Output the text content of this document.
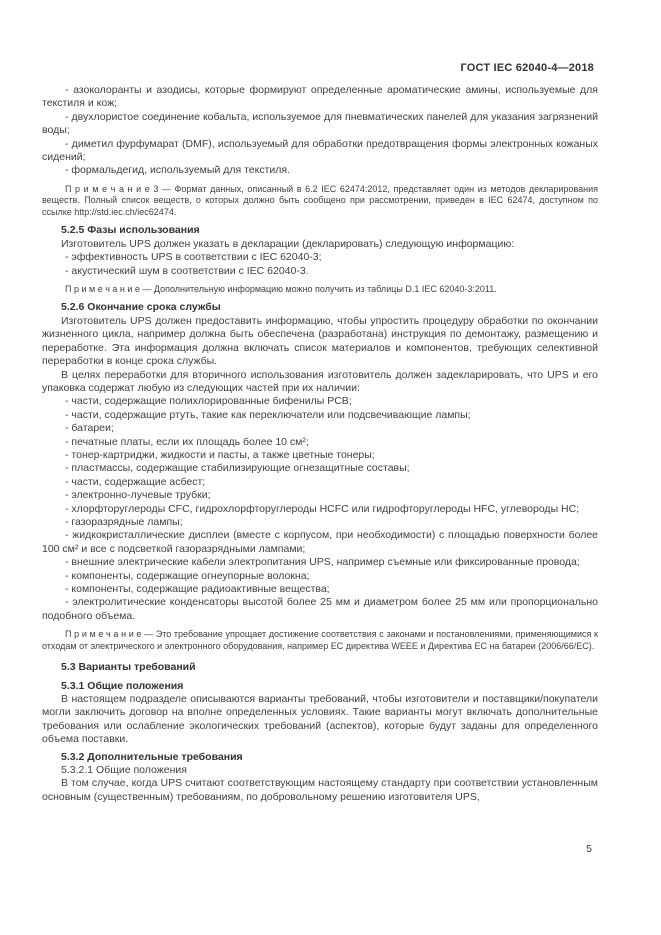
ГОСТ IEC 62040-4—2018

- азоколоранты и азодисы, которые формируют определенные ароматические амины, используемые для текстиля и кож;

- двухлористое соединение кобальта, используемое для пневматических панелей для указания загрязнений воды;

- диметил фурфумарат (DMF), используемый для обработки предотвращения формы электронных кожаных сидений;

- формальдегид, используемый для текстиля.

П р и м е ч а н и е 3 — Формат данных, описанный в 6.2 IEC 62474:2012, представляет один из методов декларирования веществ. Полный список веществ, о которых должно быть сообщено при рассмотрении, приведен в IEC 62474, доступном по ссылке http://std.iec.ch/iec62474.

5.2.5 Фазы использования

Изготовитель UPS должен указать в декларации (декларировать) следующую информацию:

- эффективность UPS в соответствии с IEC 62040-3;

- акустический шум в соответствии с IEC 62040-3.

П р и м е ч а н и е — Дополнительную информацию можно получить из таблицы D.1 IEC 62040-3:2011.

5.2.6 Окончание срока службы

Изготовитель UPS должен предоставить информацию, чтобы упростить процедуру обработки по окончании жизненного цикла, например должна быть обеспечена (разработана) инструкция по демонтажу, размещению и переработке. Эта информация должна включать список материалов и компонентов, требующих селективной переработки в конце срока службы.

В целях переработки для вторичного использования изготовитель должен задекларировать, что UPS и его упаковка содержат любую из следующих частей при их наличии:

- части, содержащие полихлорированные бифенилы PCB;

- части, содержащие ртуть, такие как переключатели или подсвечивающие лампы;

- батареи;

- печатные платы, если их площадь более 10 см²;

- тонер-картриджи, жидкости и пасты, а также цветные тонеры;

- пластмассы, содержащие стабилизирующие огнезащитные составы;

- части, содержащие асбест;

- электронно-лучевые трубки;

- хлорфторуглероды CFC, гидрохлорфторуглероды HCFC или гидрофторуглероды HFC, углевороды HC;

- газоразрядные лампы;

- жидкокристаллические дисплеи (вместе с корпусом, при необходимости) с площадью поверхности более 100 см² и все с подсветкой газоразрядными лампами;

- внешние электрические кабели электропитания UPS, например съемные или фиксированные провода;

- компоненты, содержащие огнеупорные волокна;

- компоненты, содержащие радиоактивные вещества;

- электролитические конденсаторы высотой более 25 мм и диаметром более 25 мм или пропорционально подобного объема.

П р и м е ч а н и е — Это требование упрощает достижение соответствия с законами и постановлениями, применяющимися к отходам от электрического и электронного оборудования, например ЕС директива WEEE и Директива ЕС на батареи (2006/66/EC).

5.3 Варианты требований

5.3.1 Общие положения

В настоящем подразделе описываются варианты требований, чтобы изготовители и поставщики/покупатели могли заключить договор на вполне определенных условиях. Такие варианты могут включать дополнительные требования или ослабление экологических требований (аспектов), которые будут заданы для определенного объема поставки.

5.3.2 Дополнительные требования

5.3.2.1 Общие положения

В том случае, когда UPS считают соответствующим настоящему стандарту при соответствии установленным основным (существенным) требованиям, по добровольному решению изготовителя UPS,

5
